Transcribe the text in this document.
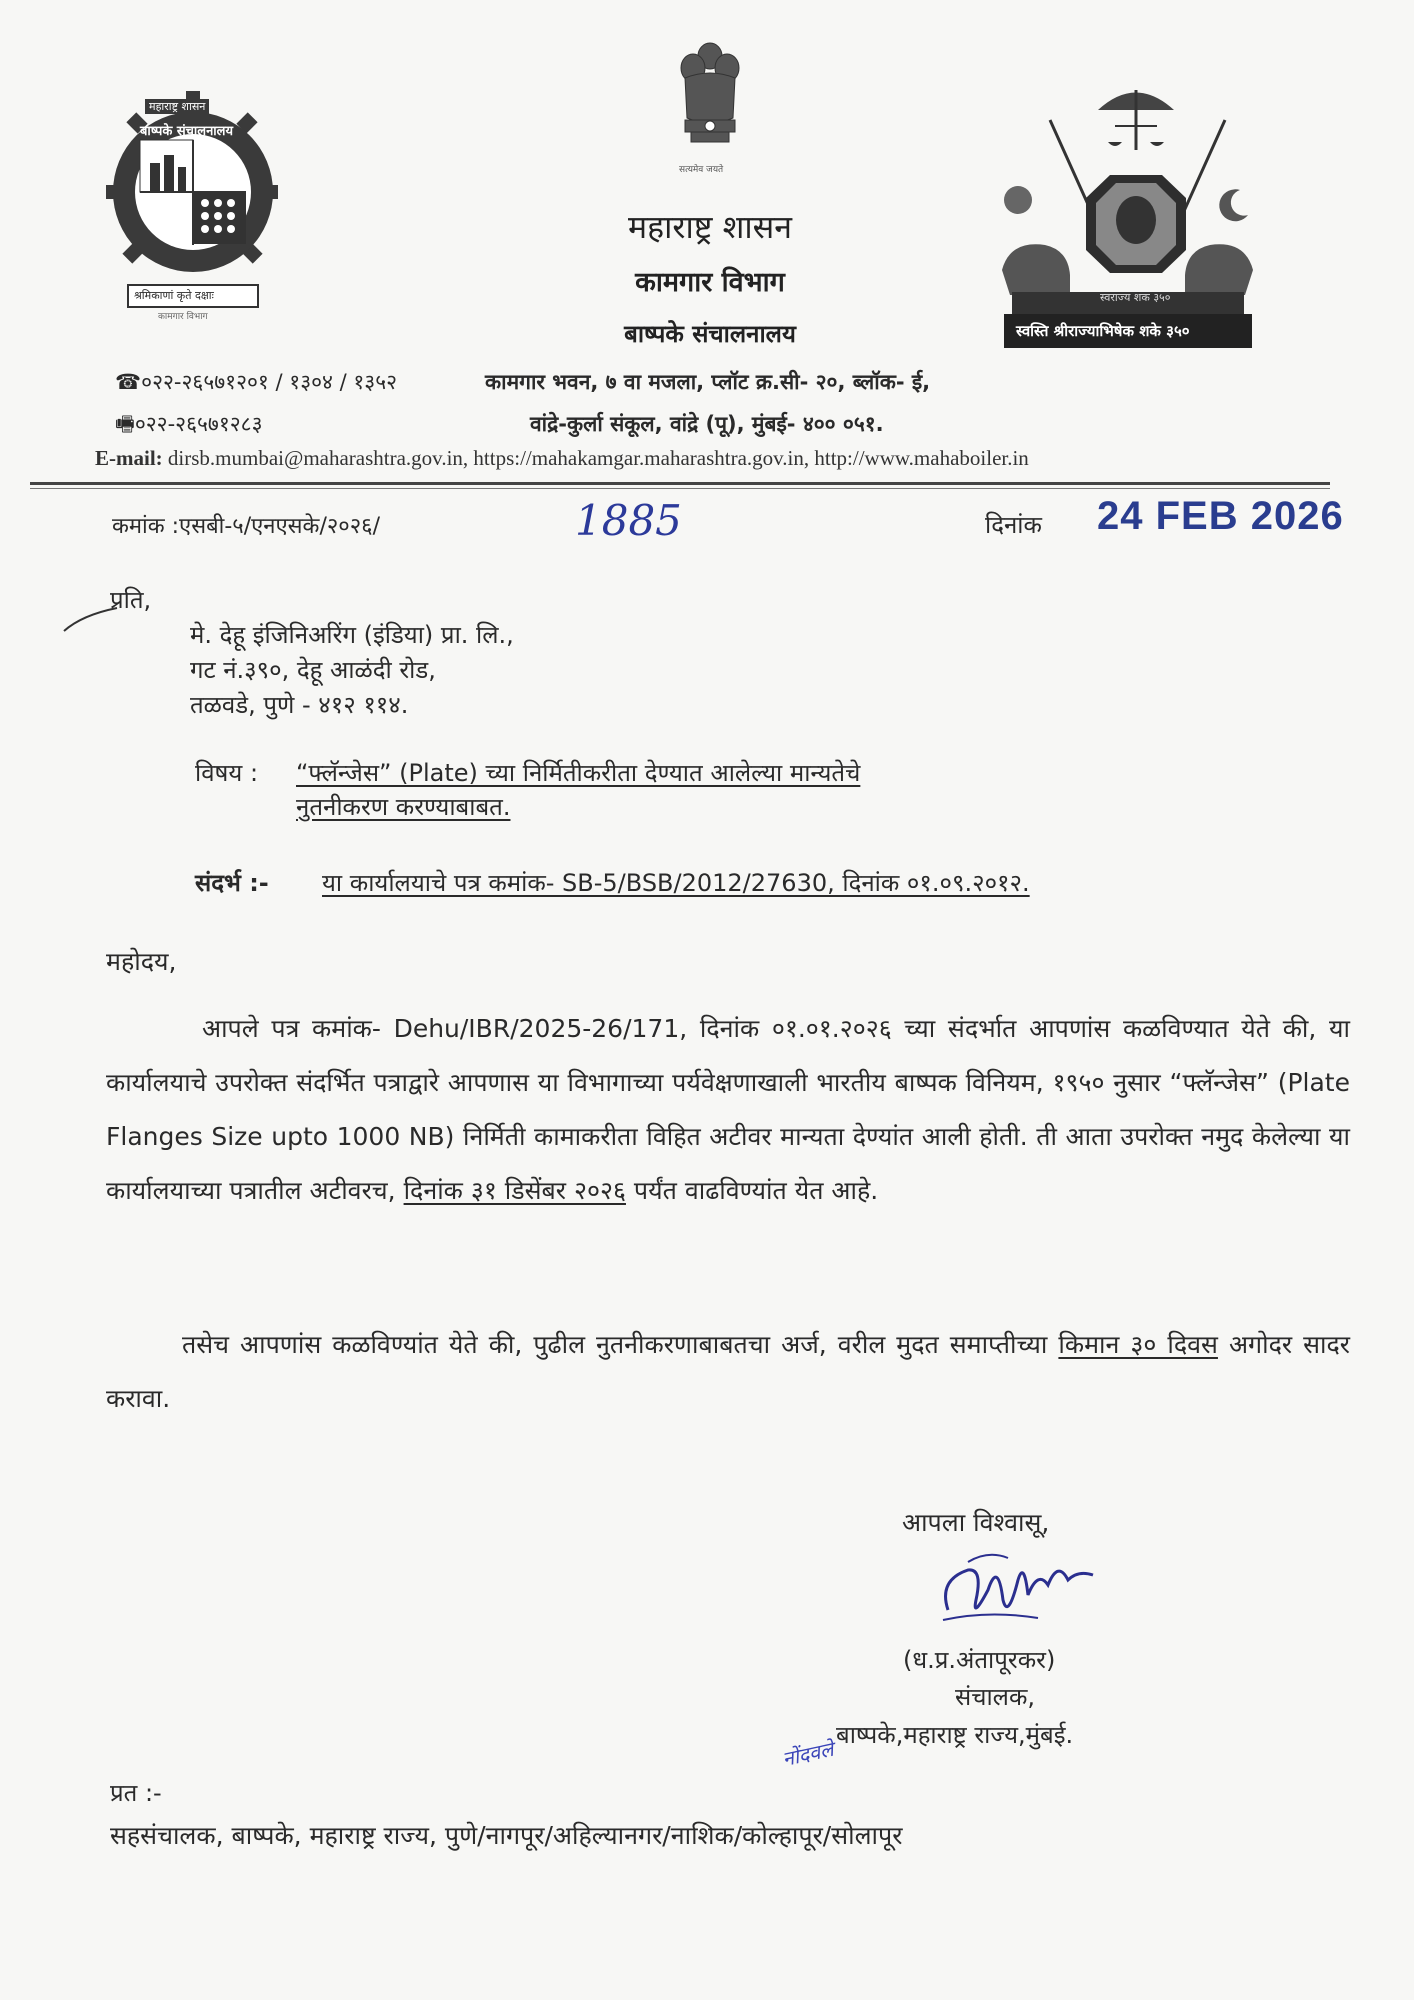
महाराष्ट्र शासन
बाष्पके संचालनालय
श्रमिकाणां कृते दक्षाः
कामगार विभाग
सत्यमेव जयते
स्वराज्य शक ३५०
स्वस्ति श्रीराज्याभिषेक शके ३५०
महाराष्ट्र शासन
कामगार विभाग
बाष्पके संचालनालय
☎०२२-२६५७१२०१ / १३०४ / १३५२
🖷०२२-२६५७१२८३
कामगार भवन, ७ वा मजला, प्लॉट क्र.सी- २०, ब्लॉक- ई,
वांद्रे-कुर्ला संकूल, वांद्रे (पू), मुंबई- ४०० ०५१.
E-mail: dirsb.mumbai@maharashtra.gov.in, https://mahakamgar.maharashtra.gov.in, http://www.mahaboiler.in
कमांक :एसबी-५/एनएसके/२०२६/	1885	दिनांक 24 FEB 2026
प्रति,
मे. देहू इंजिनिअरिंग (इंडिया) प्रा. लि.,
गट नं.३९०, देहू आळंदी रोड,
तळवडे, पुणे - ४१२ ११४.
विषय : “फ्लॅन्जेस” (Plate) च्या निर्मितीकरीता देण्यात आलेल्या मान्यतेचे
नुतनीकरण करण्याबाबत.
संदर्भ :- या कार्यालयाचे पत्र कमांक- SB-5/BSB/2012/27630, दिनांक ०१.०९.२०१२.
महोदय,
आपले पत्र कमांक- Dehu/IBR/2025-26/171, दिनांक ०१.०१.२०२६ च्या संदर्भात आपणांस कळविण्यात येते की, या कार्यालयाचे उपरोक्त संदर्भित पत्राद्वारे आपणास या विभागाच्या पर्यवेक्षणाखाली भारतीय बाष्पक विनियम, १९५० नुसार “फ्लॅन्जेस” (Plate Flanges Size upto 1000 NB) निर्मिती कामाकरीता विहित अटीवर मान्यता देण्यांत आली होती. ती आता उपरोक्त नमुद केलेल्या या कार्यालयाच्या पत्रातील अटीवरच, दिनांक ३१ डिसेंबर २०२६ पर्यंत वाढविण्यांत येत आहे.
तसेच आपणांस कळविण्यांत येते की, पुढील नुतनीकरणाबाबतचा अर्ज, वरील मुदत समाप्तीच्या किमान ३० दिवस अगोदर सादर करावा.
आपला विश्वासू,
(ध.प्र.अंतापूरकर)
संचालक,
बाष्पके,महाराष्ट्र राज्य,मुंबई.
नोंदवले
प्रत :-
सहसंचालक, बाष्पके, महाराष्ट्र राज्य, पुणे/नागपूर/अहिल्यानगर/नाशिक/कोल्हापूर/सोलापूर
